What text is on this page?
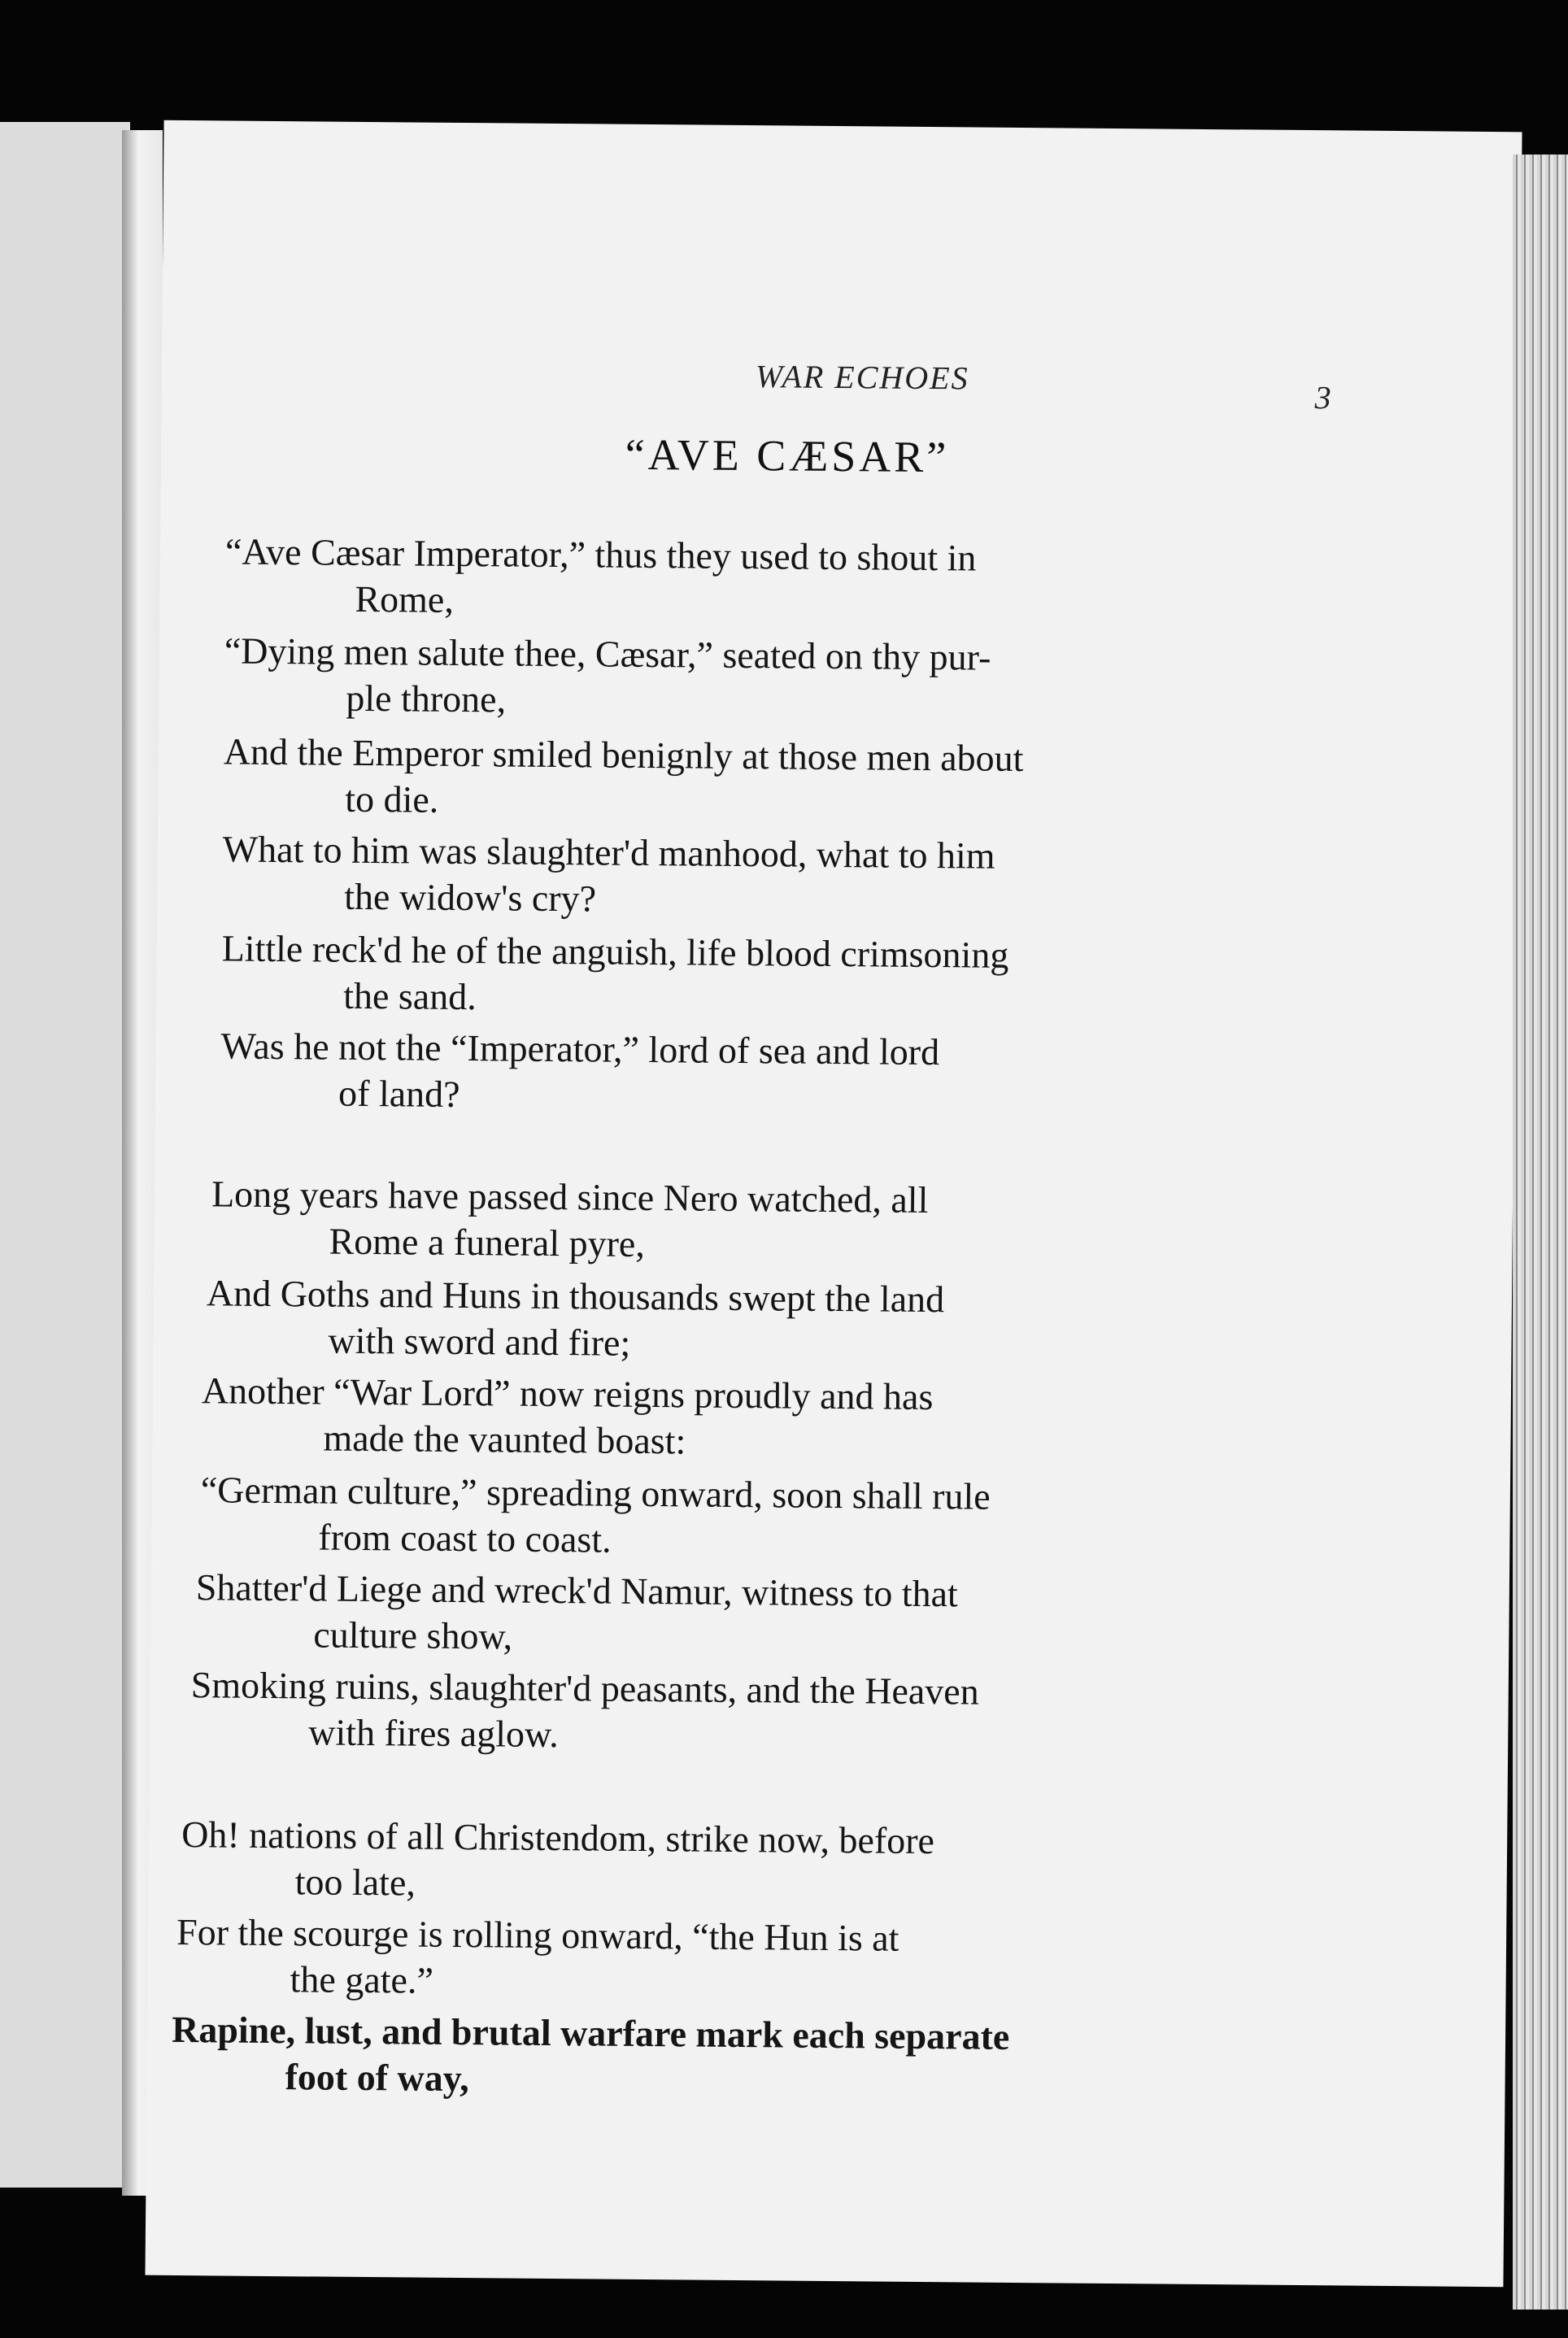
WAR ECHOES
3
“AVE CÆSAR”
“Ave Cæsar Imperator,” thus they used to shout in
Rome,
“Dying men salute thee, Cæsar,” seated on thy pur-
ple throne,
And the Emperor smiled benignly at those men about
to die.
What to him was slaughter'd manhood, what to him
the widow's cry?
Little reck'd he of the anguish, life blood crimsoning
the sand.
Was he not the “Imperator,” lord of sea and lord
of land?
Long years have passed since Nero watched, all
Rome a funeral pyre,
And Goths and Huns in thousands swept the land
with sword and fire;
Another “War Lord” now reigns proudly and has
made the vaunted boast:
“German culture,” spreading onward, soon shall rule
from coast to coast.
Shatter'd Liege and wreck'd Namur, witness to that
culture show,
Smoking ruins, slaughter'd peasants, and the Heaven
with fires aglow.
Oh! nations of all Christendom, strike now, before
too late,
For the scourge is rolling onward, “the Hun is at
the gate.”
Rapine, lust, and brutal warfare mark each separate
foot of way,
